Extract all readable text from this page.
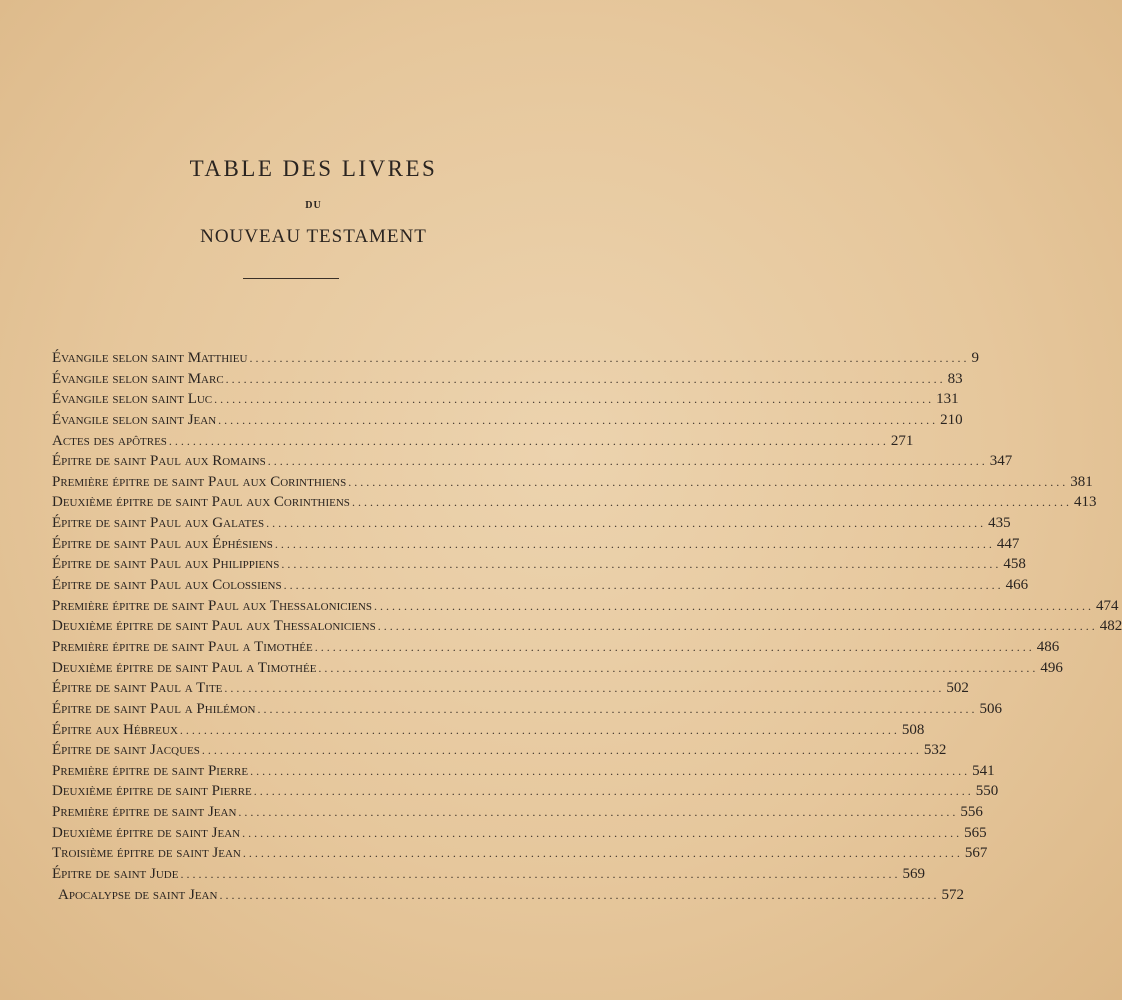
TABLE DES LIVRES
DU
NOUVEAU TESTAMENT
Évangile selon saint Matthieu ........................................................................................................................ 9
Évangile selon saint Marc ........................................................................................................................ 83
Évangile selon saint Luc ........................................................................................................................ 131
Évangile selon saint Jean ........................................................................................................................ 210
Actes des apôtres ........................................................................................................................ 271
Épitre de saint Paul aux Romains ........................................................................................................................ 347
Première épitre de saint Paul aux Corinthiens ........................................................................................................................ 381
Deuxième épitre de saint Paul aux Corinthiens ........................................................................................................................ 413
Épitre de saint Paul aux Galates ........................................................................................................................ 435
Épitre de saint Paul aux Éphésiens ........................................................................................................................ 447
Épitre de saint Paul aux Philippiens ........................................................................................................................ 458
Épitre de saint Paul aux Colossiens ........................................................................................................................ 466
Première épitre de saint Paul aux Thessaloniciens ........................................................................................................................ 474
Deuxième épitre de saint Paul aux Thessaloniciens ........................................................................................................................ 482
Première épitre de saint Paul a Timothée ........................................................................................................................ 486
Deuxième épitre de saint Paul a Timothée ........................................................................................................................ 496
Épitre de saint Paul a Tite ........................................................................................................................ 502
Épitre de saint Paul a Philémon ........................................................................................................................ 506
Épitre aux Hébreux ........................................................................................................................ 508
Épitre de saint Jacques ........................................................................................................................ 532
Première épitre de saint Pierre ........................................................................................................................ 541
Deuxième épitre de saint Pierre ........................................................................................................................ 550
Première épitre de saint Jean ........................................................................................................................ 556
Deuxième épitre de saint Jean ........................................................................................................................ 565
Troisième épitre de saint Jean ........................................................................................................................ 567
Épitre de saint Jude ........................................................................................................................ 569
Apocalypse de saint Jean ........................................................................................................................ 572
